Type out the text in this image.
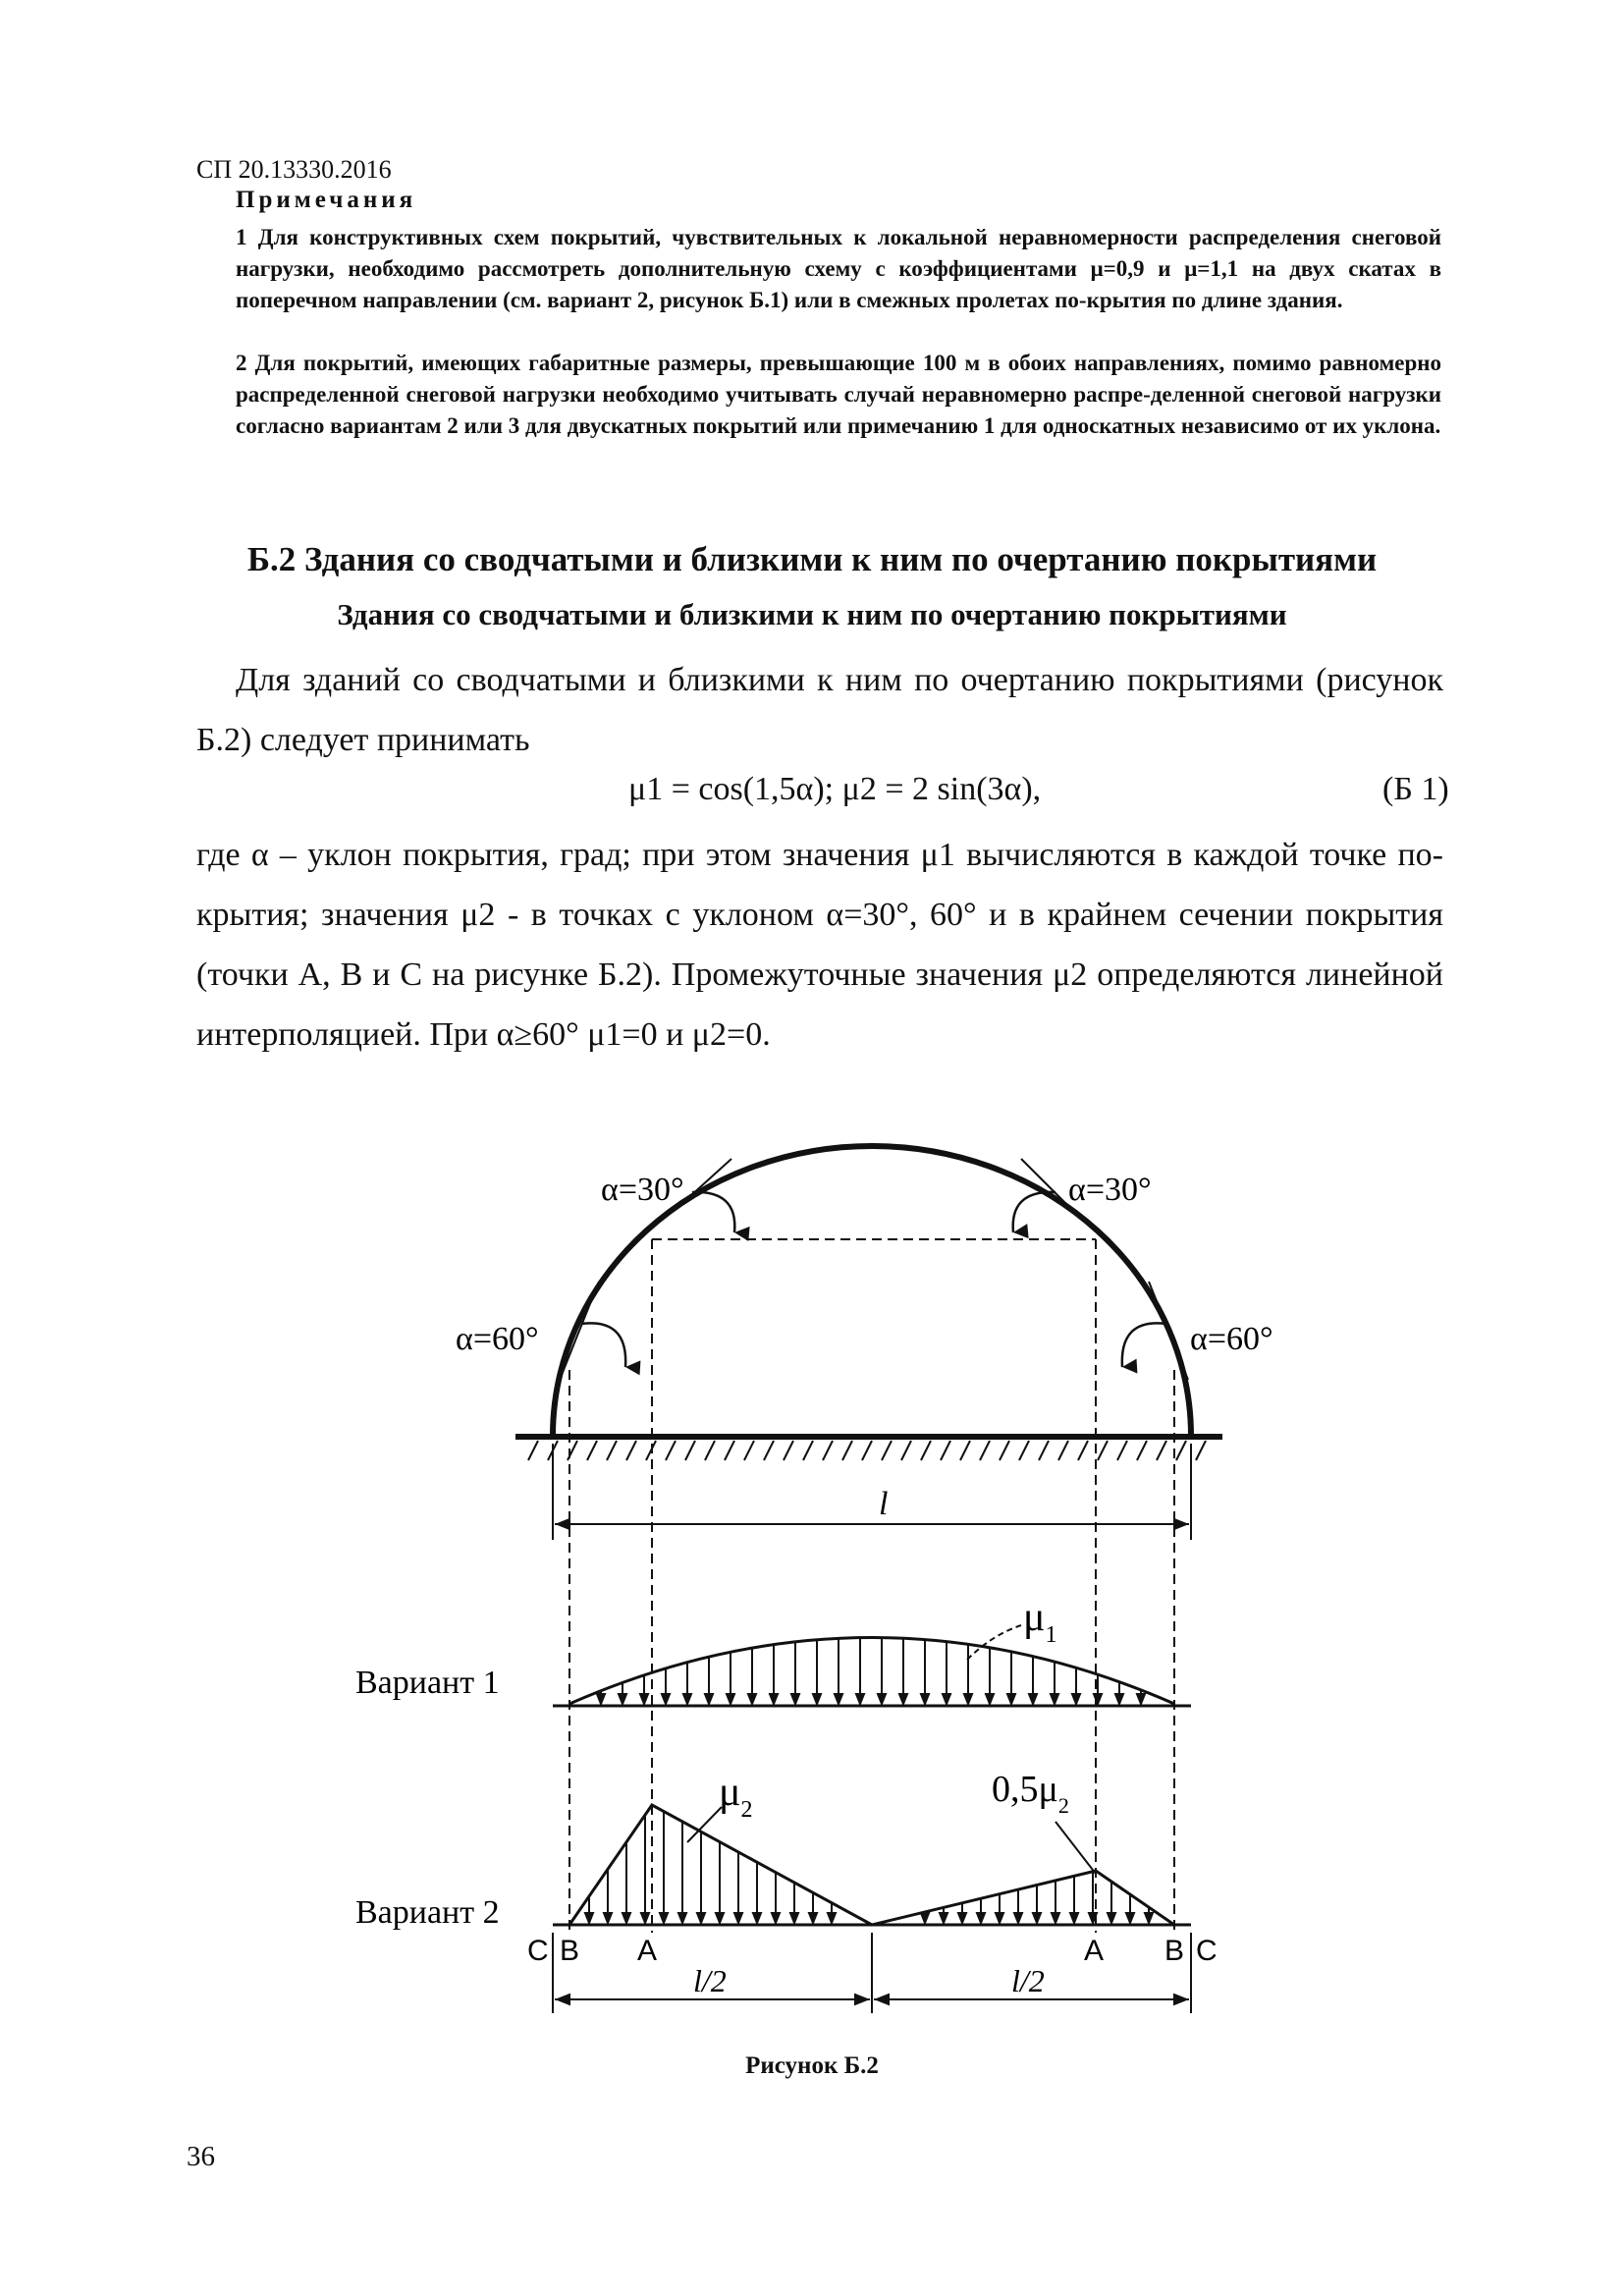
СП 20.13330.2016
Примечания
1 Для конструктивных схем покрытий, чувствительных к локальной неравномерности распределения снеговой нагрузки, необходимо рассмотреть дополнительную схему с коэффициентами μ=0,9 и μ=1,1 на двух скатах в поперечном направлении (см. вариант 2, рисунок Б.1) или в смежных пролетах по-крытия по длине здания.
2 Для покрытий, имеющих габаритные размеры, превышающие 100 м в обоих направлениях, помимо равномерно распределенной снеговой нагрузки необходимо учитывать случай неравномерно распре-деленной снеговой нагрузки согласно вариантам 2 или 3 для двускатных покрытий или примечанию 1 для односкатных независимо от их уклона.
Б.2 Здания со сводчатыми и близкими к ним по очертанию покрытиями
Здания со сводчатыми и близкими к ним по очертанию покрытиями
Для зданий со сводчатыми и близкими к ним по очертанию покрытиями (рисунок Б.2) следует принимать
μ1 = cos(1,5α); μ2 = 2 sin(3α),	(Б 1)
где α – уклон покрытия, град; при этом значения μ1 вычисляются в каждой точке по-крытия; значения μ2 - в точках с уклоном α=30°, 60° и в крайнем сечении покрытия (точки А, В и С на рисунке Б.2). Промежуточные значения μ2 определяются линейной интерполяцией. При α≥60° μ1=0 и μ2=0.
α=30°	α=30°
α=60°	α=60°
l
$\mu_1$
Вариант 1
$\mu_2$	$0,5\mu_2$
Вариант 2
C B A	A B C
l/2	l/2
Рисунок Б.2
36
